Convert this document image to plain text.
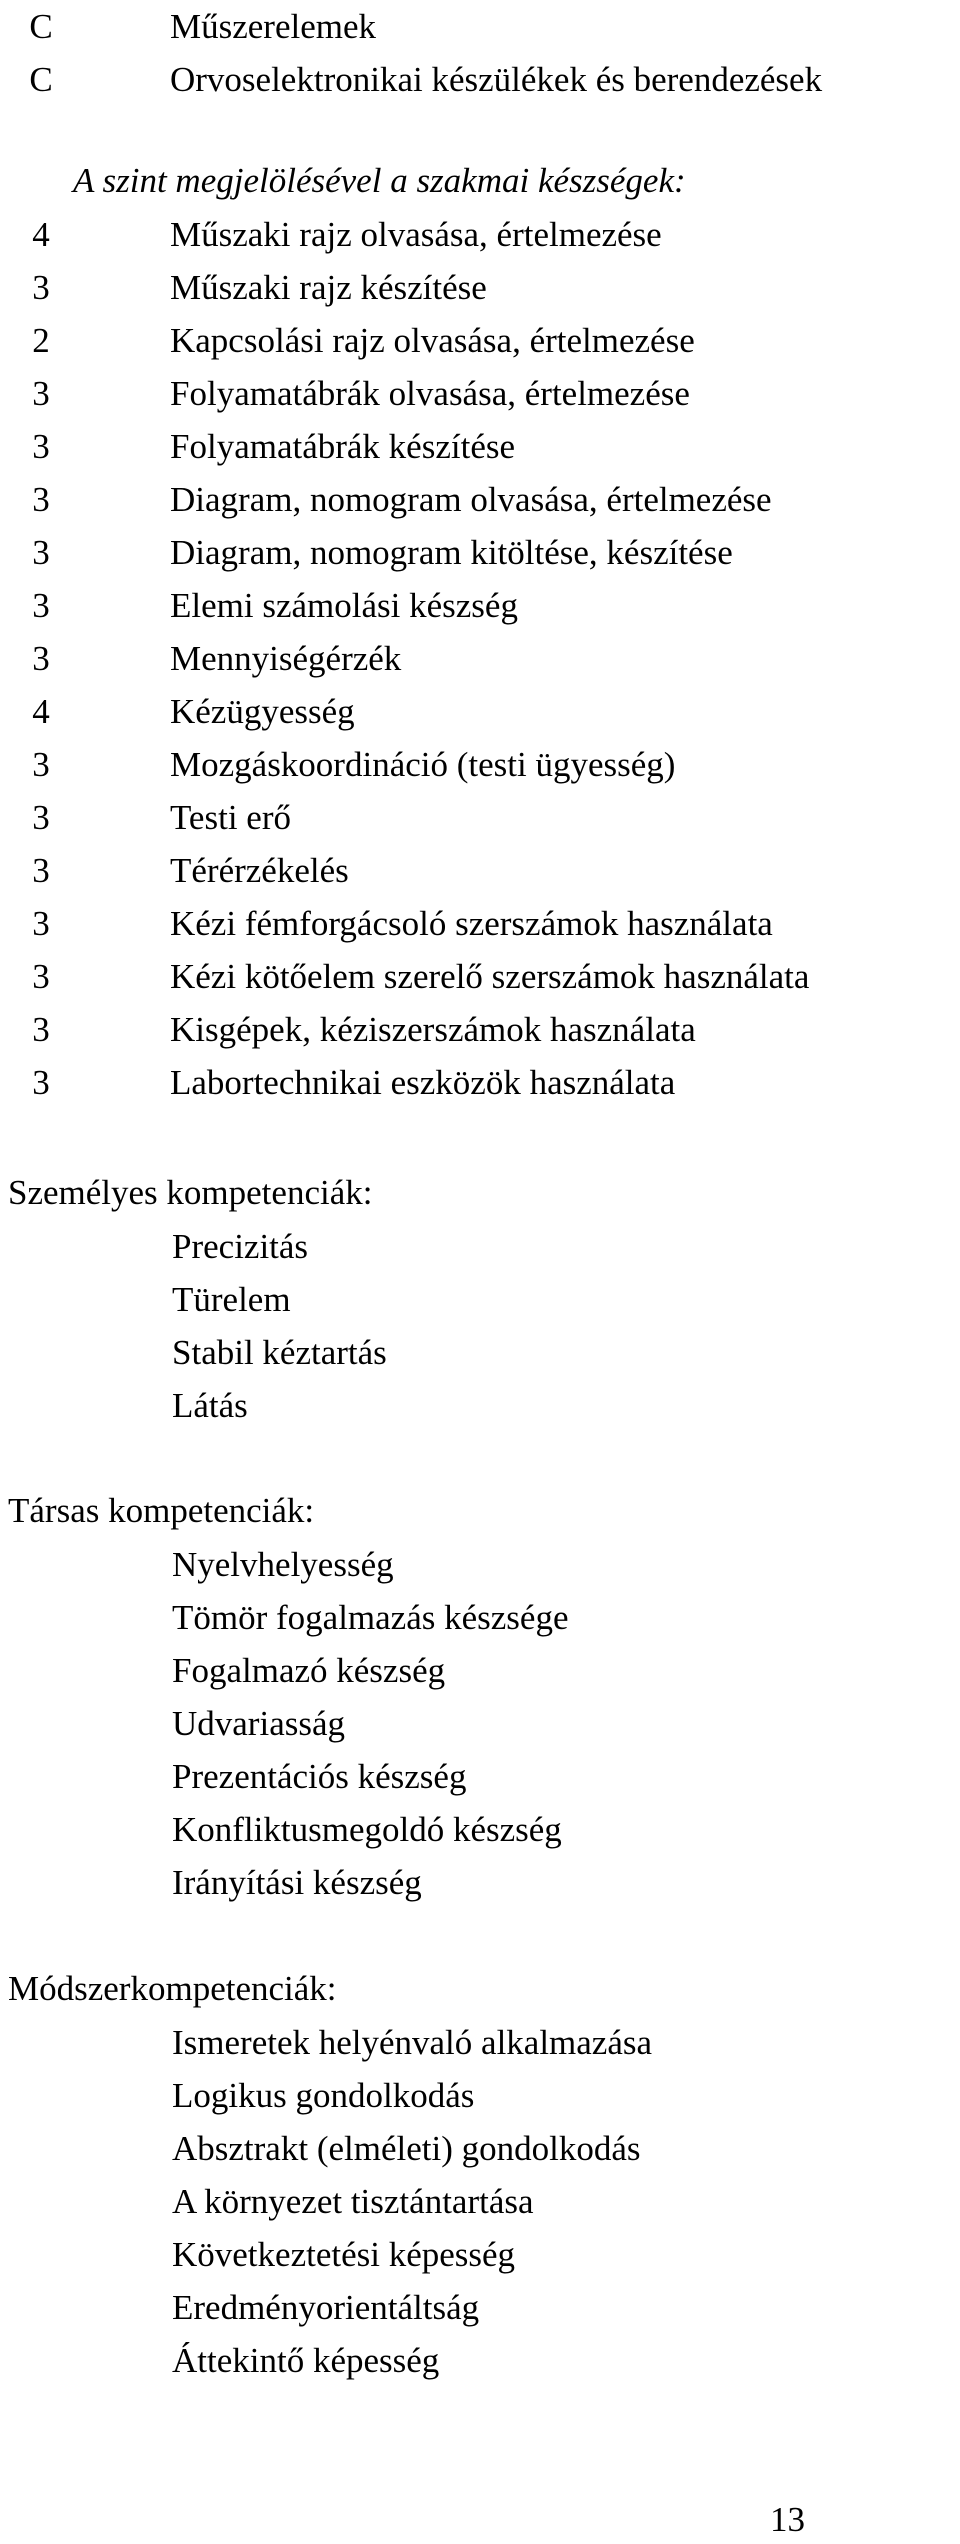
C	Műszerelemek
C	Orvoselektronikai készülékek és berendezések
A szint megjelölésével a szakmai készségek:
4	Műszaki rajz olvasása, értelmezése
3	Műszaki rajz készítése
2	Kapcsolási rajz olvasása, értelmezése
3	Folyamatábrák olvasása, értelmezése
3	Folyamatábrák készítése
3	Diagram, nomogram olvasása, értelmezése
3	Diagram, nomogram kitöltése, készítése
3	Elemi számolási készség
3	Mennyiségérzék
4	Kézügyesség
3	Mozgáskoordináció (testi ügyesség)
3	Testi erő
3	Térérzékelés
3	Kézi fémforgácsoló szerszámok használata
3	Kézi kötőelem szerelő szerszámok használata
3	Kisgépek, kéziszerszámok használata
3	Labortechnikai eszközök használata
Személyes kompetenciák:
Precizitás
Türelem
Stabil kéztartás
Látás
Társas kompetenciák:
Nyelvhelyesség
Tömör fogalmazás készsége
Fogalmazó készség
Udvariasság
Prezentációs készség
Konfliktusmegoldó készség
Irányítási készség
Módszerkompetenciák:
Ismeretek helyénvaló alkalmazása
Logikus gondolkodás
Absztrakt (elméleti) gondolkodás
A környezet tisztántartása
Következtetési képesség
Eredményorientáltság
Áttekintő képesség
13
